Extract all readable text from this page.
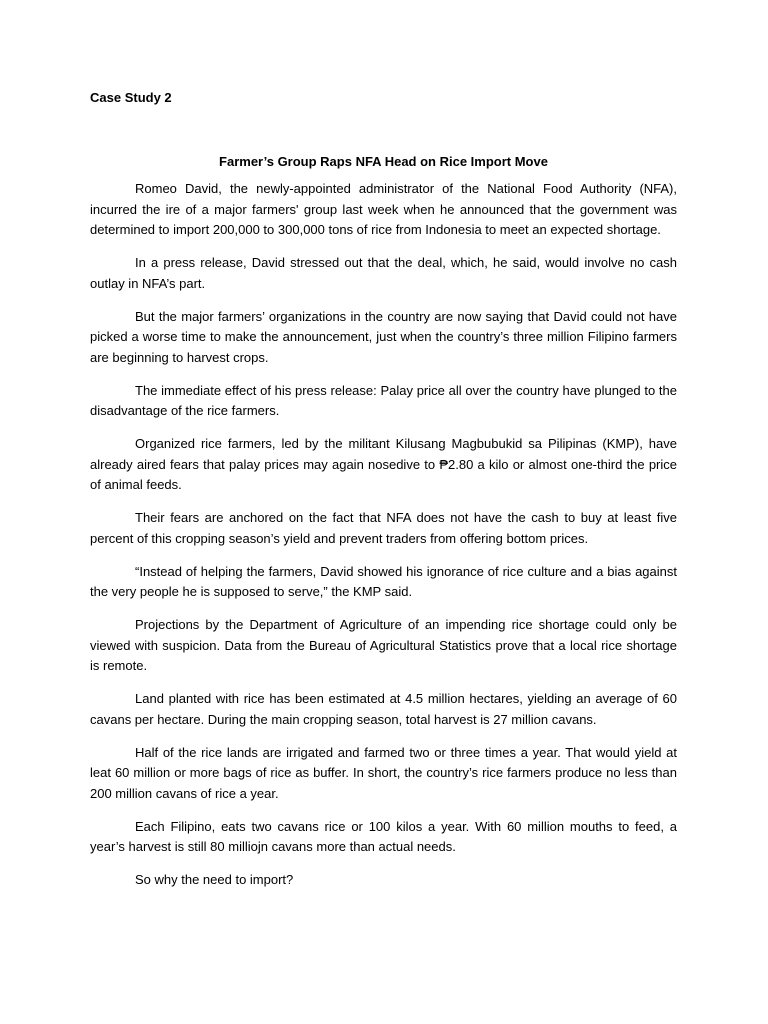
Case Study 2

Farmer’s Group Raps NFA Head on Rice Import Move

Romeo David, the newly-appointed administrator of the National Food Authority (NFA), incurred the ire of a major farmers' group last week when he announced that the government was determined to import 200,000 to 300,000 tons of rice from Indonesia to meet an expected shortage.

In a press release, David stressed out that the deal, which, he said, would involve no cash outlay in NFA’s part.

But the major farmers’ organizations in the country are now saying that David could not have picked a worse time to make the announcement, just when the country’s three million Filipino farmers are beginning to harvest crops.

The immediate effect of his press release: Palay price all over the country have plunged to the disadvantage of the rice farmers.

Organized rice farmers, led by the militant Kilusang Magbubukid sa Pilipinas (KMP), have already aired fears that palay prices may again nosedive to ₱2.80 a kilo or almost one-third the price of animal feeds.

Their fears are anchored on the fact that NFA does not have the cash to buy at least five percent of this cropping season’s yield and prevent traders from offering bottom prices.

“Instead of helping the farmers, David showed his ignorance of rice culture and a bias against the very people he is supposed to serve,” the KMP said.

Projections by the Department of Agriculture of an impending rice shortage could only be viewed with suspicion. Data from the Bureau of Agricultural Statistics prove that a local rice shortage is remote.

Land planted with rice has been estimated at 4.5 million hectares, yielding an average of 60 cavans per hectare. During the main cropping season, total harvest is 27 million cavans.

Half of the rice lands are irrigated and farmed two or three times a year. That would yield at leat 60 million or more bags of rice as buffer. In short, the country’s rice farmers produce no less than 200 million cavans of rice a year.

Each Filipino, eats two cavans rice or 100 kilos a year. With 60 million mouths to feed, a year’s harvest is still 80 milliojn cavans more than actual needs.

So why the need to import?
